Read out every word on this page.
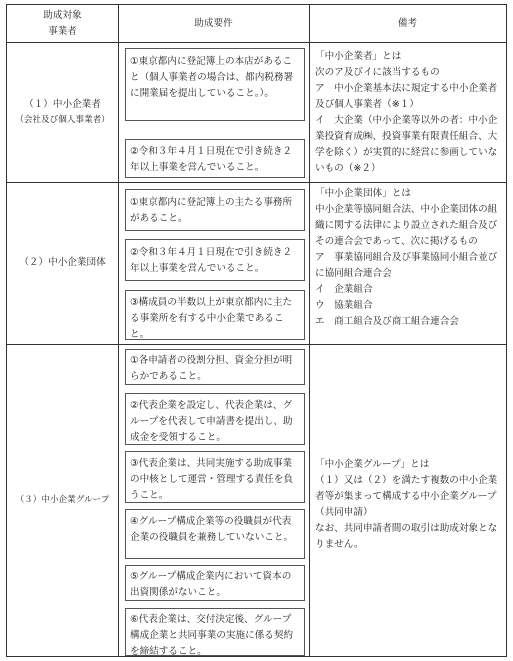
助成対象
事業者
助成要件	備考
（１）中小企業者
（会社及び個人事業者）
①東京都内に登記簿上の本店があること（個人事業者の場合は、都内税務署に開業届を提出していること。）。
②令和３年４月１日現在で引き続き２年以上事業を営んでいること。
「中小企業者」とは
次のア及びイに該当するもの
ア　中小企業基本法に規定する中小企業者及び個人事業者（※１）
イ　大企業（中小企業等以外の者：中小企業投資育成㈱、投資事業有限責任組合、大学を除く）が実質的に経営に参画していないもの（※２）
（２）中小企業団体
①東京都内に登記簿上の主たる事務所があること。
②令和３年４月１日現在で引き続き２年以上事業を営んでいること。
③構成員の半数以上が東京都内に主たる事業所を有する中小企業であること。
「中小企業団体」とは
中小企業等協同組合法、中小企業団体の組織に関する法律により設立された組合及びその連合会であって、次に掲げるもの
ア　事業協同組合及び事業協同小組合並びに協同組合連合会
イ　企業組合
ウ　協業組合
エ　商工組合及び商工組合連合会
（３）中小企業グループ
①各申請者の役割分担、資金分担が明らかであること。
②代表企業を設定し、代表企業は、グループを代表して申請書を提出し、助成金を受領すること。
③代表企業は、共同実施する助成事業の中核として運営・管理する責任を負うこと。
④グループ構成企業等の役職員が代表企業の役職員を兼務していないこと。
⑤グループ構成企業内において資本の出資関係がないこと。
⑥代表企業は、交付決定後、グループ構成企業と共同事業の実施に係る契約を締結すること。
「中小企業グループ」とは
（１）又は（２）を満たす複数の中小企業者等が集まって構成する中小企業グループ（共同申請）
なお、共同申請者間の取引は助成対象となりません。
